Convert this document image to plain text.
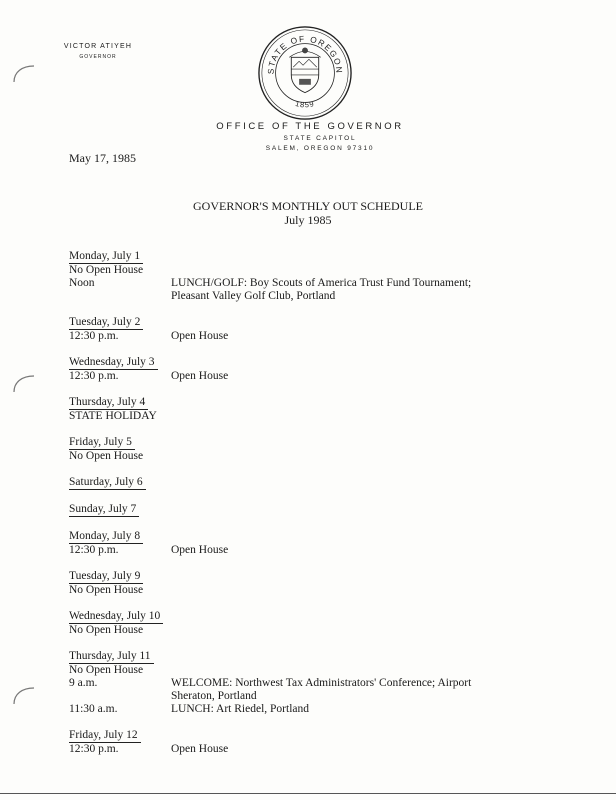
VICTOR ATIYEH
GOVERNOR
STATE OF OREGON
1859
OFFICE OF THE GOVERNOR
STATE CAPITOL
SALEM, OREGON 97310
May 17, 1985
GOVERNOR'S MONTHLY OUT SCHEDULE
July 1985
Monday, July 1
No Open House
Noon	LUNCH/GOLF: Boy Scouts of America Trust Fund Tournament;
Pleasant Valley Golf Club, Portland
Tuesday, July 2
12:30 p.m.	Open House
Wednesday, July 3
12:30 p.m.	Open House
Thursday, July 4
STATE HOLIDAY
Friday, July 5
No Open House
Saturday, July 6
Sunday, July 7
Monday, July 8
12:30 p.m.	Open House
Tuesday, July 9
No Open House
Wednesday, July 10
No Open House
Thursday, July 11
No Open House
9 a.m.	WELCOME: Northwest Tax Administrators' Conference; Airport
Sheraton, Portland
11:30 a.m.	LUNCH: Art Riedel, Portland
Friday, July 12
12:30 p.m.	Open House
